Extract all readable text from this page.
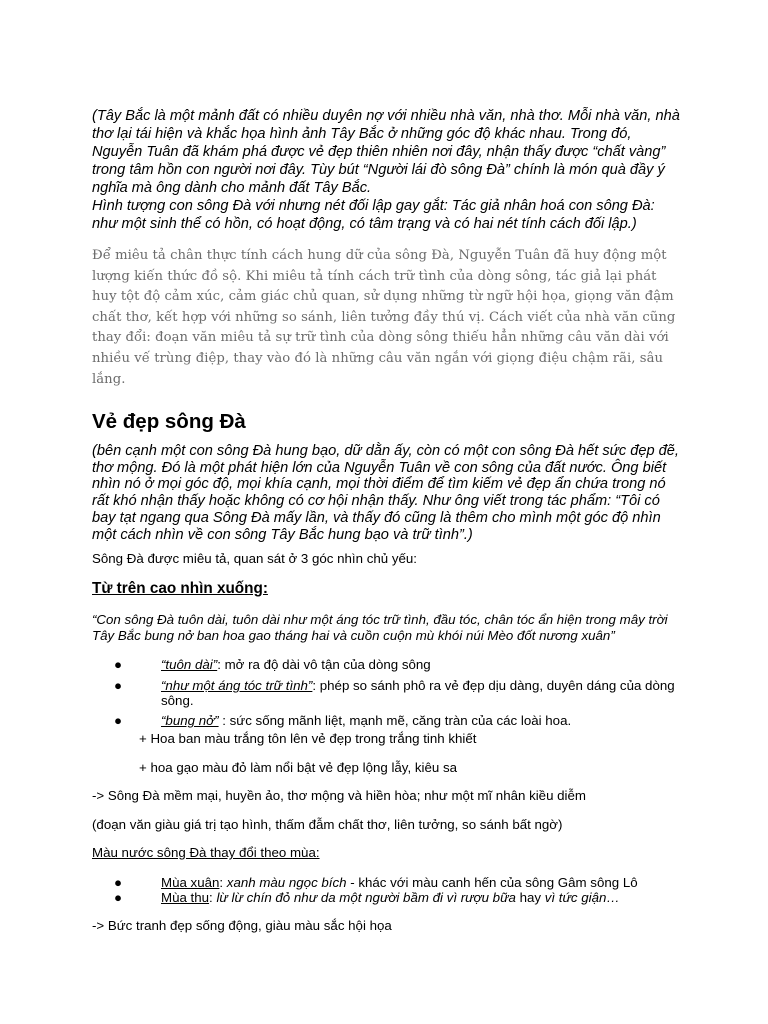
(Tây Bắc là một mảnh đất có nhiều duyên nợ với nhiều nhà văn, nhà thơ. Mỗi nhà văn, nhà thơ lại tái hiện và khắc họa hình ảnh Tây Bắc ở những góc độ khác nhau. Trong đó, Nguyễn Tuân đã khám phá được vẻ đẹp thiên nhiên nơi đây, nhận thấy được “chất vàng” trong tâm hồn con người nơi đây. Tùy bút “Người lái đò sông Đà” chính là món quà đầy ý nghĩa mà ông dành cho mảnh đất Tây Bắc.

Hình tượng con sông Đà với nhưng nét đối lập gay gắt: Tác giả nhân hoá con sông Đà: như một sinh thể có hồn, có hoạt động, có tâm trạng và có hai nét tính cách đối lập.)

Để miêu tả chân thực tính cách hung dữ của sông Đà, Nguyễn Tuân đã huy động một lượng kiến thức đồ sộ. Khi miêu tả tính cách trữ tình của dòng sông, tác giả lại phát huy tột độ cảm xúc, cảm giác chủ quan, sử dụng những từ ngữ hội họa, giọng văn đậm chất thơ, kết hợp với những so sánh, liên tưởng đầy thú vị. Cách viết của nhà văn cũng thay đổi: đoạn văn miêu tả sự trữ tình của dòng sông thiếu hẳn những câu văn dài với nhiều vế trùng điệp, thay vào đó là những câu văn ngắn với giọng điệu chậm rãi, sâu lắng.
Vẻ đẹp sông Đà
(bên cạnh một con sông Đà hung bạo, dữ dằn ấy, còn có một con sông Đà hết sức đẹp đẽ, thơ mộng. Đó là một phát hiện lớn của Nguyễn Tuân về con sông của đất nước. Ông biết nhìn nó ở mọi góc độ, mọi khía cạnh, mọi thời điểm để tìm kiếm vẻ đẹp ẩn chứa trong nó rất khó nhận thấy hoặc không có cơ hội nhận thấy. Như ông viết trong tác phẩm: “Tôi có bay tạt ngang qua Sông Đà mấy lần, và thấy đó cũng là thêm cho mình một góc độ nhìn một cách nhìn về con sông Tây Bắc hung bạo và trữ tình”.)
Sông Đà được miêu tả, quan sát ở 3 góc nhìn chủ yếu:
Từ trên cao nhìn xuống:
“Con sông Đà tuôn dài, tuôn dài như một áng tóc trữ tình, đầu tóc, chân tóc ẩn hiện trong mây trời Tây Bắc bung nở ban hoa gao tháng hai và cuồn cuộn mù khói núi Mèo đốt nương xuân”
●	“tuôn dài”: mở ra độ dài vô tận của dòng sông
●	“như một áng tóc trữ tình”: phép so sánh phô ra vẻ đẹp dịu dàng, duyên dáng của dòng sông.
●	“bung nở” : sức sống mãnh liệt, mạnh mẽ, căng tràn của các loài hoa.
+ Hoa ban màu trắng tôn lên vẻ đẹp trong trắng tinh khiết
+ hoa gạo màu đỏ làm nổi bật vẻ đẹp lộng lẫy, kiêu sa
-> Sông Đà mềm mại, huyền ảo, thơ mộng và hiền hòa; như một mĩ nhân kiều diễm
(đoạn văn giàu giá trị tạo hình, thấm đẫm chất thơ, liên tưởng, so sánh bất ngờ)
Màu nước sông Đà thay đổi theo mùa:
●	Mùa xuân: xanh màu ngọc bích - khác với màu canh hến của sông Gâm sông Lô
●	Mùa thu: lừ lừ chín đỏ như da một người bầm đi vì rượu bữa hay vì tức giận…
-> Bức tranh đẹp sống động, giàu màu sắc hội họa
